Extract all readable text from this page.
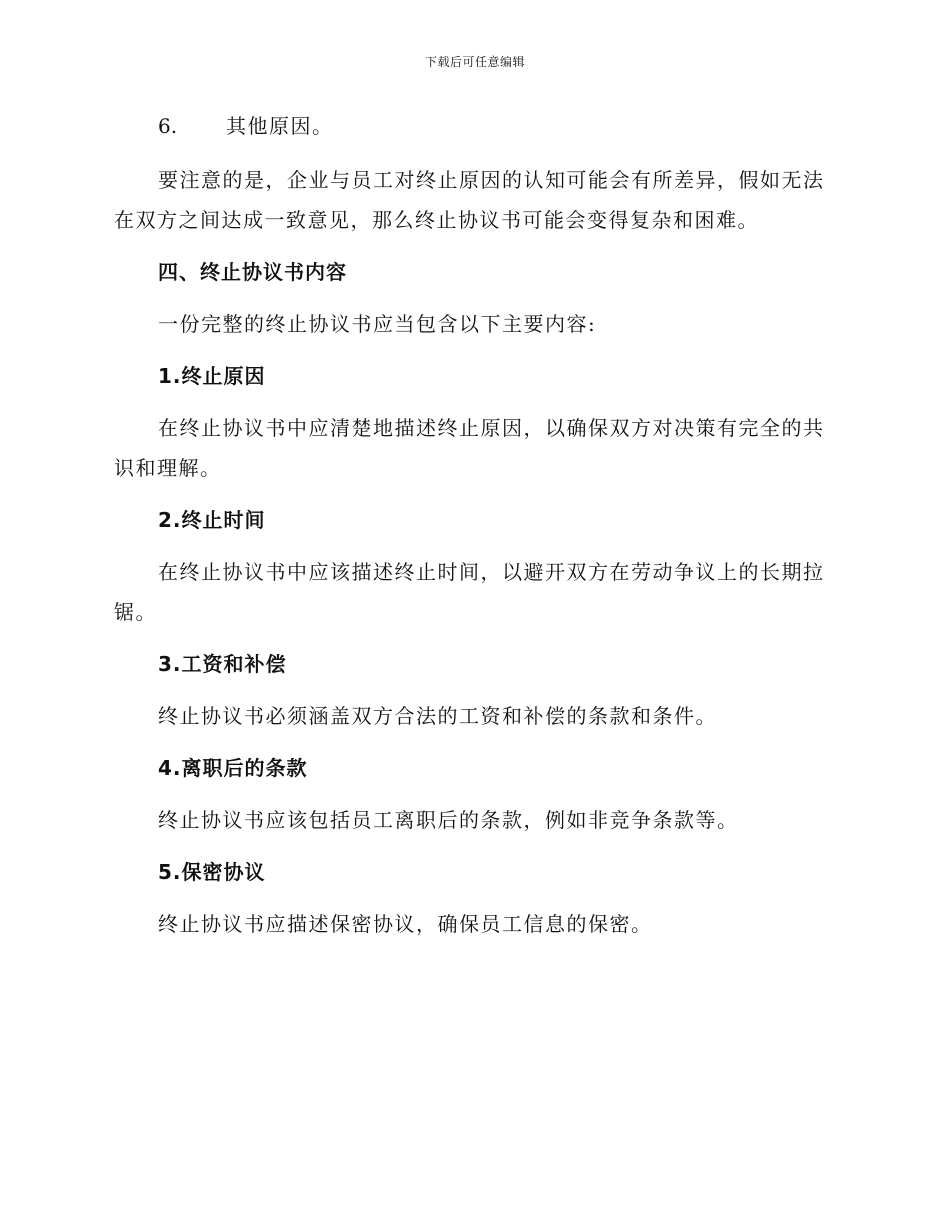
下载后可任意编辑
6. 其他原因。
要注意的是，企业与员工对终止原因的认知可能会有所差异，假如无法
在双方之间达成一致意见，那么终止协议书可能会变得复杂和困难。
四、终止协议书内容
一份完整的终止协议书应当包含以下主要内容:
1.终止原因
在终止协议书中应清楚地描述终止原因，以确保双方对决策有完全的共
识和理解。
2.终止时间
在终止协议书中应该描述终止时间，以避开双方在劳动争议上的长期拉
锯。
3.工资和补偿
终止协议书必须涵盖双方合法的工资和补偿的条款和条件。
4.离职后的条款
终止协议书应该包括员工离职后的条款，例如非竞争条款等。
5.保密协议
终止协议书应描述保密协议，确保员工信息的保密。
